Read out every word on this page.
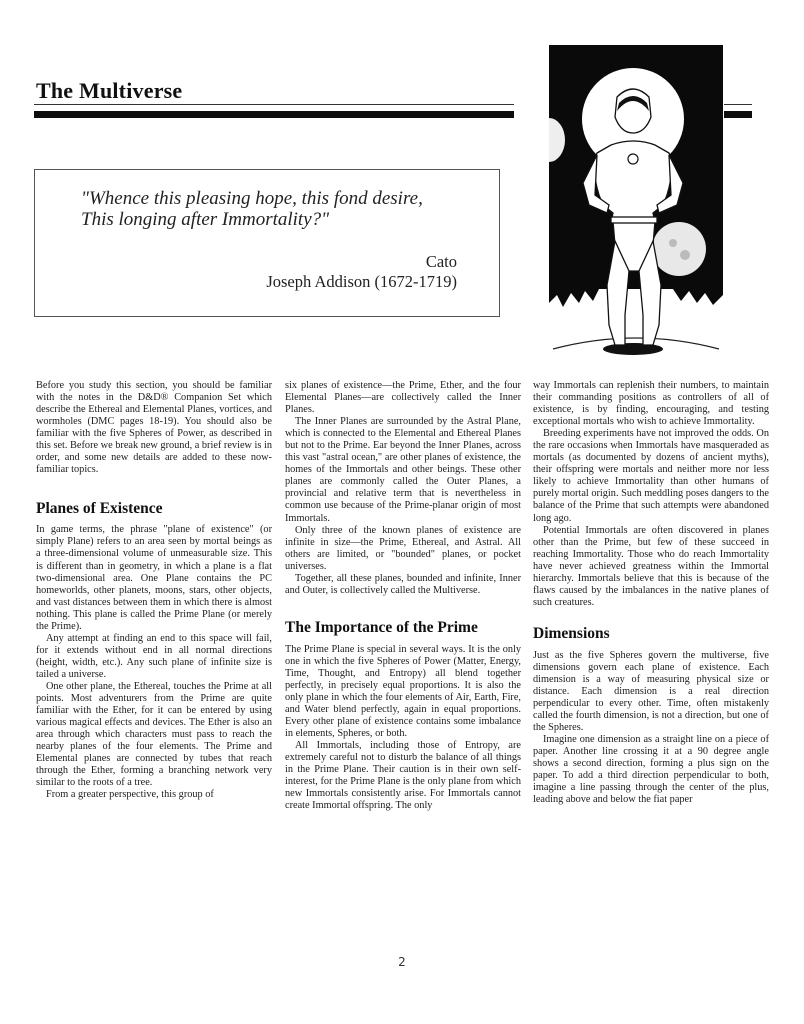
The Multiverse
"Whence this pleasing hope, this fond desire,
This longing after Immortality?"
Cato
Joseph Addison (1672-1719)

Before you study this section, you should be familiar with the notes in the D&D® Companion Set which describe the Ethereal and Elemental Planes, vortices, and wormholes (DMC pages 18-19). You should also be familiar with the five Spheres of Power, as described in this set. Before we break new ground, a brief review is in order, and some new details are added to these now-familiar topics.

Planes of Existence

In game terms, the phrase "plane of existence" (or simply Plane) refers to an area seen by mortal beings as a three-dimensional volume of unmeasurable size. This is different than in geometry, in which a plane is a flat two-dimensional area. One Plane contains the PC homeworlds, other planets, moons, stars, other objects, and vast distances between them in which there is almost nothing. This plane is called the Prime Plane (or merely the Prime).

Any attempt at finding an end to this space will fail, for it extends without end in all normal directions (height, width, etc.). Any such plane of infinite size is tailed a universe.

One other plane, the Ethereal, touches the Prime at all points. Most adventurers from the Prime are quite familiar with the Ether, for it can be entered by using various magical effects and devices. The Ether is also an area through which characters must pass to reach the nearby planes of the four elements. The Prime and Elemental planes are connected by tubes that reach through the Ether, forming a branching network very similar to the roots of a tree.

From a greater perspective, this group of

six planes of existence—the Prime, Ether, and the four Elemental Planes—are collectively called the Inner Planes.

The Inner Planes are surrounded by the Astral Plane, which is connected to the Elemental and Ethereal Planes but not to the Prime. Ear beyond the Inner Planes, across this vast "astral ocean," are other planes of existence, the homes of the Immortals and other beings. These other planes are commonly called the Outer Planes, a provincial and relative term that is nevertheless in common use because of the Prime-planar origin of most Immortals.

Only three of the known planes of existence are infinite in size—the Prime, Ethereal, and Astral. All others are limited, or "bounded" planes, or pocket universes.

Together, all these planes, bounded and infinite, Inner and Outer, is collectively called the Multiverse.

The Importance of the Prime

The Prime Plane is special in several ways. It is the only one in which the five Spheres of Power (Matter, Energy, Time, Thought, and Entropy) all blend together perfectly, in precisely equal proportions. It is also the only plane in which the four elements of Air, Earth, Fire, and Water blend perfectly, again in equal proportions. Every other plane of existence contains some imbalance in elements, Spheres, or both.

All Immortals, including those of Entropy, are extremely careful not to disturb the balance of all things in the Prime Plane. Their caution is in their own self-interest, for the Prime Plane is the only plane from which new Immortals consistently arise. For Immortals cannot create Immortal offspring. The only

way Immortals can replenish their numbers, to maintain their commanding positions as controllers of all of existence, is by finding, encouraging, and testing exceptional mortals who wish to achieve Immortality.

Breeding experiments have not improved the odds. On the rare occasions when Immortals have masqueraded as mortals (as documented by dozens of ancient myths), their offspring were mortals and neither more nor less likely to achieve Immortality than other humans of purely mortal origin. Such meddling poses dangers to the balance of the Prime that such attempts were abandoned long ago.

Potential Immortals are often discovered in planes other than the Prime, but few of these succeed in reaching Immortality. Those who do reach Immortality have never achieved greatness within the Immortal hierarchy. Immortals believe that this is because of the flaws caused by the imbalances in the native planes of such creatures.

Dimensions

Just as the five Spheres govern the multiverse, five dimensions govern each plane of existence. Each dimension is a way of measuring physical size or distance. Each dimension is a real direction perpendicular to every other. Time, often mistakenly called the fourth dimension, is not a direction, but one of the Spheres.

Imagine one dimension as a straight line on a piece of paper. Another line crossing it at a 90 degree angle shows a second direction, forming a plus sign on the paper. To add a third direction perpendicular to both, imagine a line passing through the center of the plus, leading above and below the fiat paper

2
